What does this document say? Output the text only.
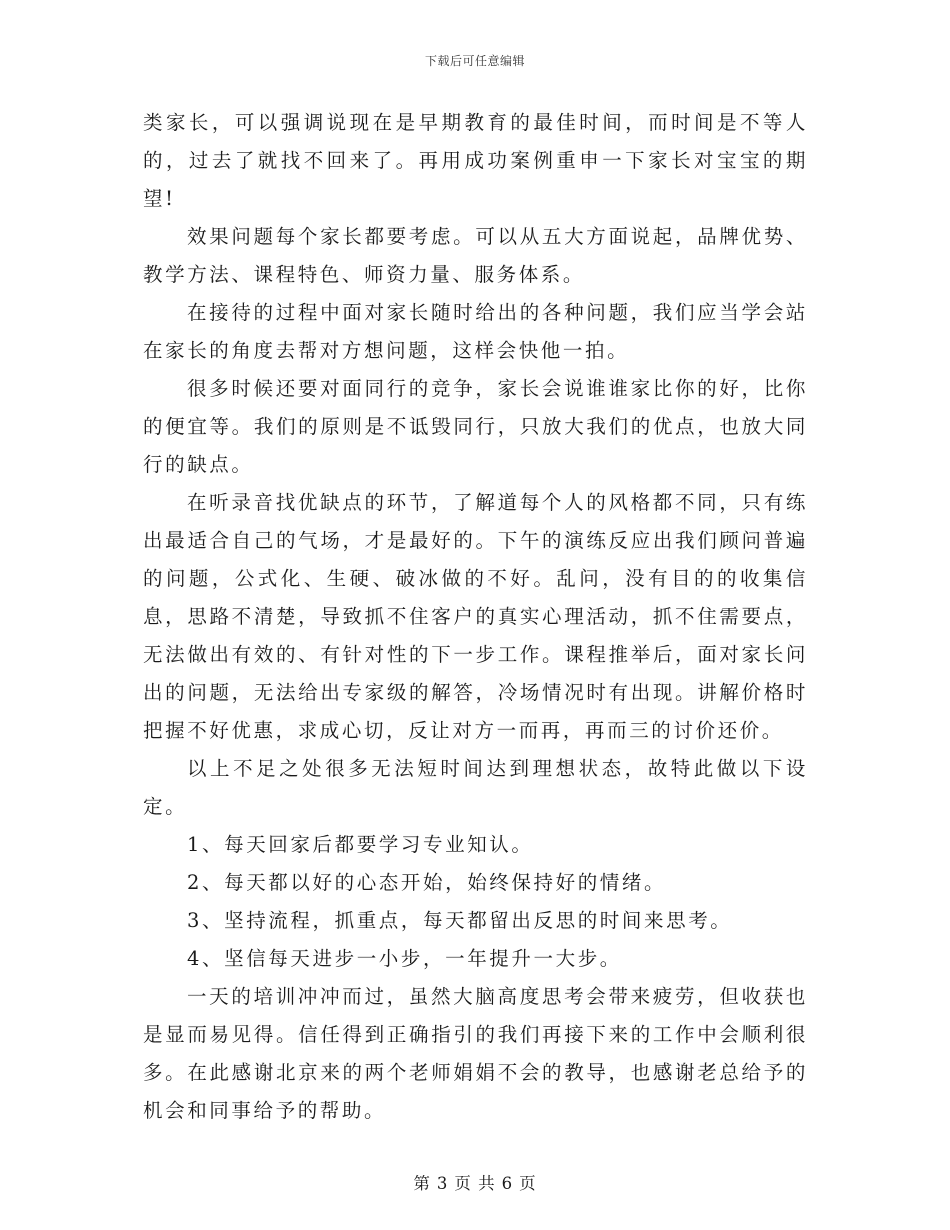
下载后可任意编辑

类家长，可以强调说现在是早期教育的最佳时间，而时间是不等人的，过去了就找不回来了。再用成功案例重申一下家长对宝宝的期望!

效果问题每个家长都要考虑。可以从五大方面说起，品牌优势、教学方法、课程特色、师资力量、服务体系。

在接待的过程中面对家长随时给出的各种问题，我们应当学会站在家长的角度去帮对方想问题，这样会快他一拍。

很多时候还要对面同行的竞争，家长会说谁谁家比你的好，比你的便宜等。我们的原则是不诋毁同行，只放大我们的优点，也放大同行的缺点。

在听录音找优缺点的环节，了解道每个人的风格都不同，只有练出最适合自己的气场，才是最好的。下午的演练反应出我们顾问普遍的问题，公式化、生硬、破冰做的不好。乱问，没有目的的收集信息，思路不清楚，导致抓不住客户的真实心理活动，抓不住需要点，无法做出有效的、有针对性的下一步工作。课程推举后，面对家长问出的问题，无法给出专家级的解答，冷场情况时有出现。讲解价格时把握不好优惠，求成心切，反让对方一而再，再而三的讨价还价。

以上不足之处很多无法短时间达到理想状态，故特此做以下设定。

1、每天回家后都要学习专业知认。

2、每天都以好的心态开始，始终保持好的情绪。

3、坚持流程，抓重点，每天都留出反思的时间来思考。

4、坚信每天进步一小步，一年提升一大步。

一天的培训冲冲而过，虽然大脑高度思考会带来疲劳，但收获也是显而易见得。信任得到正确指引的我们再接下来的工作中会顺利很多。在此感谢北京来的两个老师娟娟不会的教导，也感谢老总给予的机会和同事给予的帮助。

第 3 页 共 6 页
